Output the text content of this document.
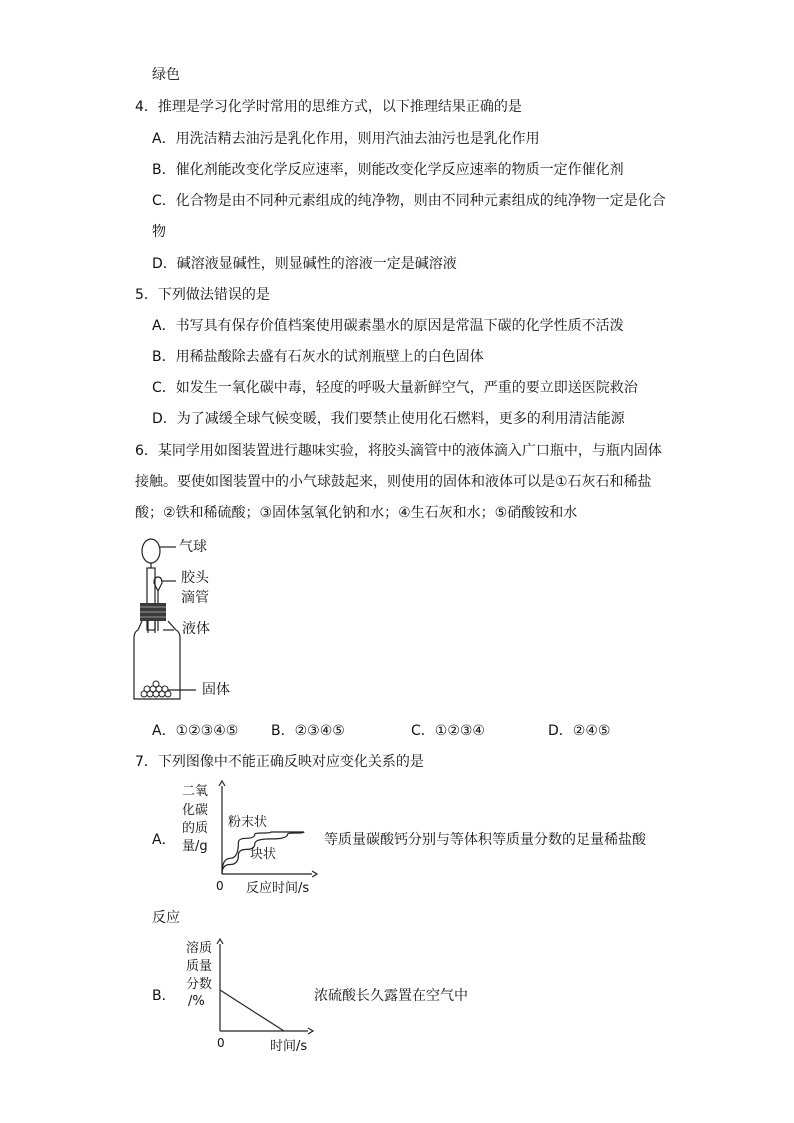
绿色
4．推理是学习化学时常用的思维方式，以下推理结果正确的是
A．用洗洁精去油污是乳化作用，则用汽油去油污也是乳化作用
B．催化剂能改变化学反应速率，则能改变化学反应速率的物质一定作催化剂
C．化合物是由不同种元素组成的纯净物，则由不同种元素组成的纯净物一定是化合
物
D．碱溶液显碱性，则显碱性的溶液一定是碱溶液
5．下列做法错误的是
A．书写具有保存价值档案使用碳素墨水的原因是常温下碳的化学性质不活泼
B．用稀盐酸除去盛有石灰水的试剂瓶壁上的白色固体
C．如发生一氧化碳中毒，轻度的呼吸大量新鲜空气，严重的要立即送医院救治
D．为了减缓全球气候变暖，我们要禁止使用化石燃料，更多的利用清洁能源
6．某同学用如图装置进行趣味实验，将胶头滴管中的液体滴入广口瓶中，与瓶内固体
接触。要使如图装置中的小气球鼓起来，则使用的固体和液体可以是①石灰石和稀盐
酸；②铁和稀硫酸；③固体氢氧化钠和水；④生石灰和水；⑤硝酸铵和水
气球
胶头
滴管
液体
固体
A．①②③④⑤ B．②③④⑤	C．①②③④	D．②④⑤
7．下列图像中不能正确反映对应变化关系的是
A．
二氧
化碳
的质
量/g
0 反应时间/s
粉末状
块状
等质量碳酸钙分别与等体积等质量分数的足量稀盐酸
反应
B．
溶质
质量
分数
/%
0	时间/s
浓硫酸长久露置在空气中
